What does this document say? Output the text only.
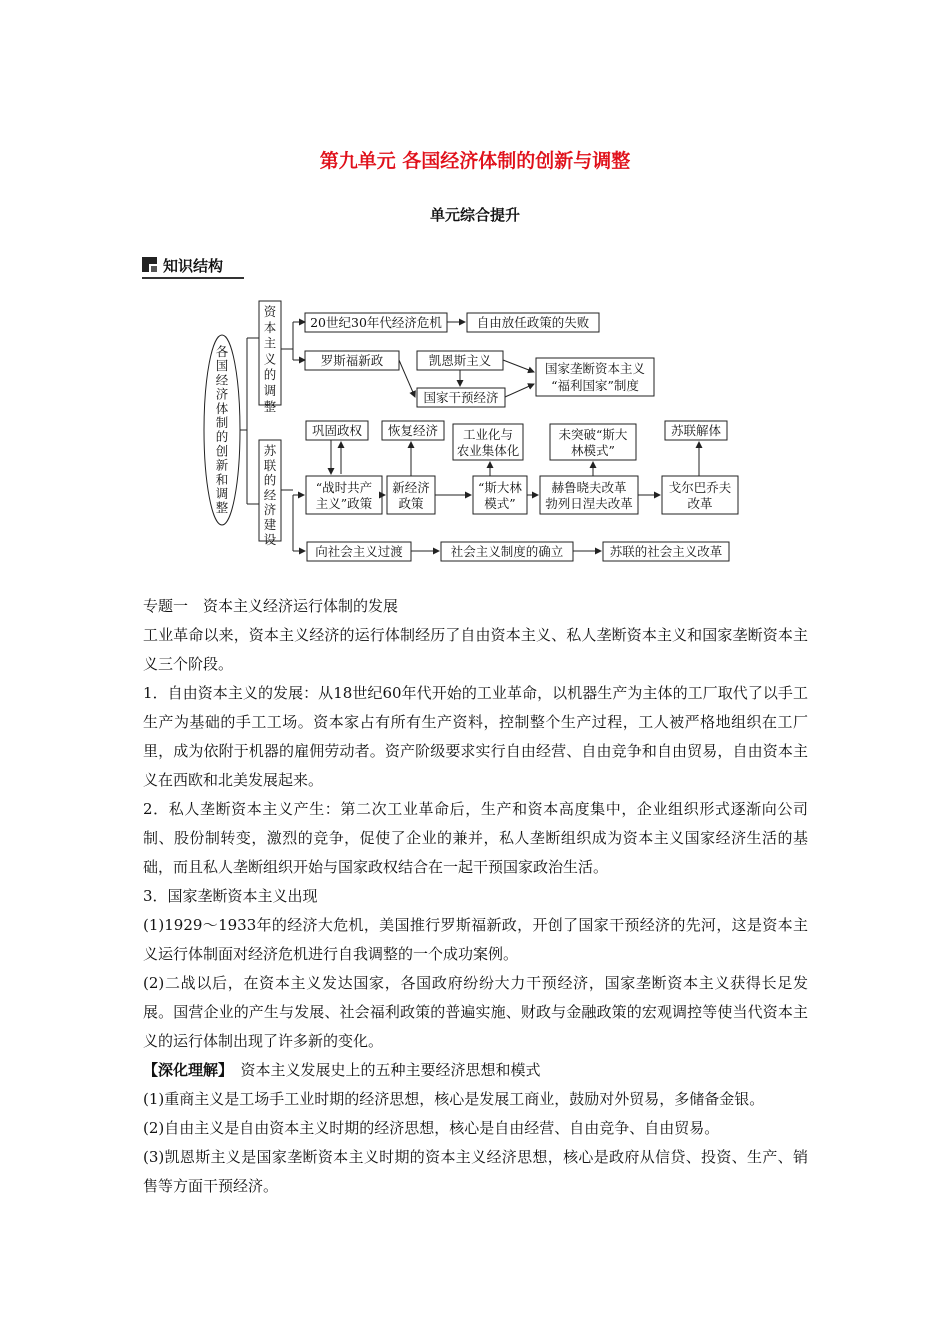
第九单元 各国经济体制的创新与调整
单元综合提升
知识结构
各国经济体制的创新和调整
资本主义的调整
苏联的经济建设
20世纪30年代经济危机	自由放任政策的失败
罗斯福新政	凯恩斯主义
国家干预经济
国家垄断资本主义
“福利国家”制度
巩固政权 恢复经济 工业化与
农业集体化
未突破“斯大
林模式”
苏联解体
“战时共产
主义”政策
新经济
政策
“斯大林
模式”
赫鲁晓夫改革
勃列日涅夫改革
戈尔巴乔夫
改革
向社会主义过渡	社会主义制度的确立	苏联的社会主义改革

专题一　资本主义经济运行体制的发展

工业革命以来，资本主义经济的运行体制经历了自由资本主义、私人垄断资本主义和国家垄断资本主义三个阶段。

1．自由资本主义的发展：从18世纪60年代开始的工业革命，以机器生产为主体的工厂取代了以手工生产为基础的手工工场。资本家占有所有生产资料，控制整个生产过程，工人被严格地组织在工厂里，成为依附于机器的雇佣劳动者。资产阶级要求实行自由经营、自由竞争和自由贸易，自由资本主义在西欧和北美发展起来。

2．私人垄断资本主义产生：第二次工业革命后，生产和资本高度集中，企业组织形式逐渐向公司制、股份制转变，激烈的竞争，促使了企业的兼并，私人垄断组织成为资本主义国家经济生活的基础，而且私人垄断组织开始与国家政权结合在一起干预国家政治生活。

3．国家垄断资本主义出现

(1)1929～1933年的经济大危机，美国推行罗斯福新政，开创了国家干预经济的先河，这是资本主义运行体制面对经济危机进行自我调整的一个成功案例。

(2)二战以后，在资本主义发达国家，各国政府纷纷大力干预经济，国家垄断资本主义获得长足发展。国营企业的产生与发展、社会福利政策的普遍实施、财政与金融政策的宏观调控等使当代资本主义的运行体制出现了许多新的变化。

【深化理解】　资本主义发展史上的五种主要经济思想和模式

(1)重商主义是工场手工业时期的经济思想，核心是发展工商业，鼓励对外贸易，多储备金银。

(2)自由主义是自由资本主义时期的经济思想，核心是自由经营、自由竞争、自由贸易。

(3)凯恩斯主义是国家垄断资本主义时期的资本主义经济思想，核心是政府从信贷、投资、生产、销售等方面干预经济。
